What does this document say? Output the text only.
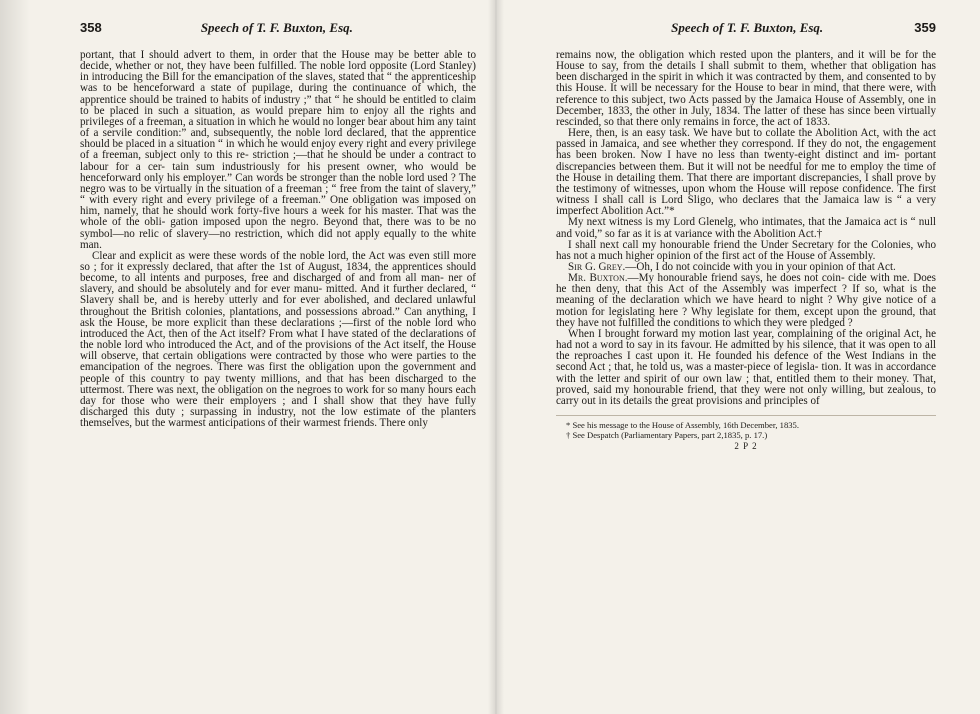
358	Speech of T. F. Buxton, Esq.

portant, that I should advert to them, in order that the House may be better able to decide, whether or not, they have been fulfilled. The noble lord opposite (Lord Stanley) in introducing the Bill for the emancipation of the slaves, stated that “ the apprenticeship was to be henceforward a state of pupilage, during the continuance of which, the apprentice should be trained to habits of industry ;” that “ he should be entitled to claim to be placed in such a situation, as would prepare him to enjoy all the rights and privileges of a freeman, a situation in which he would no longer bear about him any taint of a servile condition:” and, subsequently, the noble lord declared, that the apprentice should be placed in a situation “ in which he would enjoy every right and every privilege of a freeman, subject only to this re- striction ;—that he should be under a contract to labour for a cer- tain sum industriously for his present owner, who would be henceforward only his employer.” Can words be stronger than the noble lord used ? The negro was to be virtually in the situation of a freeman ; “ free from the taint of slavery,” “ with every right and every privilege of a freeman.” One obligation was imposed on him, namely, that he should work forty-five hours a week for his master. That was the whole of the obli- gation imposed upon the negro. Beyond that, there was to be no symbol—no relic of slavery—no restriction, which did not apply equally to the white man.

Clear and explicit as were these words of the noble lord, the Act was even still more so ; for it expressly declared, that after the 1st of August, 1834, the apprentices should become, to all intents and purposes, free and discharged of and from all man- ner of slavery, and should be absolutely and for ever manu- mitted. And it further declared, “ Slavery shall be, and is hereby utterly and for ever abolished, and declared unlawful throughout the British colonies, plantations, and possessions abroad.” Can anything, I ask the House, be more explicit than these declarations ;—first of the noble lord who introduced the Act, then of the Act itself? From what I have stated of the declarations of the noble lord who introduced the Act, and of the provisions of the Act itself, the House will observe, that certain obligations were contracted by those who were parties to the emancipation of the negroes. There was first the obligation upon the government and people of this country to pay twenty millions, and that has been discharged to the uttermost. There was next, the obligation on the negroes to work for so many hours each day for those who were their employers ; and I shall show that they have fully discharged this duty ; surpassing in industry, not the low estimate of the planters themselves, but the warmest anticipations of their warmest friends. There only

Speech of T. F. Buxton, Esq.	359

remains now, the obligation which rested upon the planters, and it will be for the House to say, from the details I shall submit to them, whether that obligation has been discharged in the spirit in which it was contracted by them, and consented to by this House. It will be necessary for the House to bear in mind, that there were, with reference to this subject, two Acts passed by the Jamaica House of Assembly, one in December, 1833, the other in July, 1834. The latter of these has since been virtually rescinded, so that there only remains in force, the act of 1833.

Here, then, is an easy task. We have but to collate the Abolition Act, with the act passed in Jamaica, and see whether they correspond. If they do not, the engagement has been broken. Now I have no less than twenty-eight distinct and im- portant discrepancies between them. But it will not be needful for me to employ the time of the House in detailing them. That there are important discrepancies, I shall prove by the testimony of witnesses, upon whom the House will repose confidence. The first witness I shall call is Lord Sligo, who declares that the Jamaica law is “ a very imperfect Abolition Act.”*

My next witness is my Lord Glenelg, who intimates, that the Jamaica act is “ null and void,” so far as it is at variance with the Abolition Act.†

I shall next call my honourable friend the Under Secretary for the Colonies, who has not a much higher opinion of the first act of the House of Assembly.

Sir G. Grey.—Oh, I do not coincide with you in your opinion of that Act.

Mr. Buxton.—My honourable friend says, he does not coin- cide with me. Does he then deny, that this Act of the Assembly was imperfect ? If so, what is the meaning of the declaration which we have heard to night ? Why give notice of a motion for legislating here ? Why legislate for them, except upon the ground, that they have not fulfilled the conditions to which they were pledged ?

When I brought forward my motion last year, complaining of the original Act, he had not a word to say in its favour. He admitted by his silence, that it was open to all the reproaches I cast upon it. He founded his defence of the West Indians in the second Act ; that, he told us, was a master-piece of legisla- tion. It was in accordance with the letter and spirit of our own law ; that, entitled them to their money. That, proved, said my honourable friend, that they were not only willing, but zealous, to carry out in its details the great provisions and principles of

* See his message to the House of Assembly, 16th December, 1835.

† See Despatch (Parliamentary Papers, part 2,1835, p. 17.)

2 P 2
